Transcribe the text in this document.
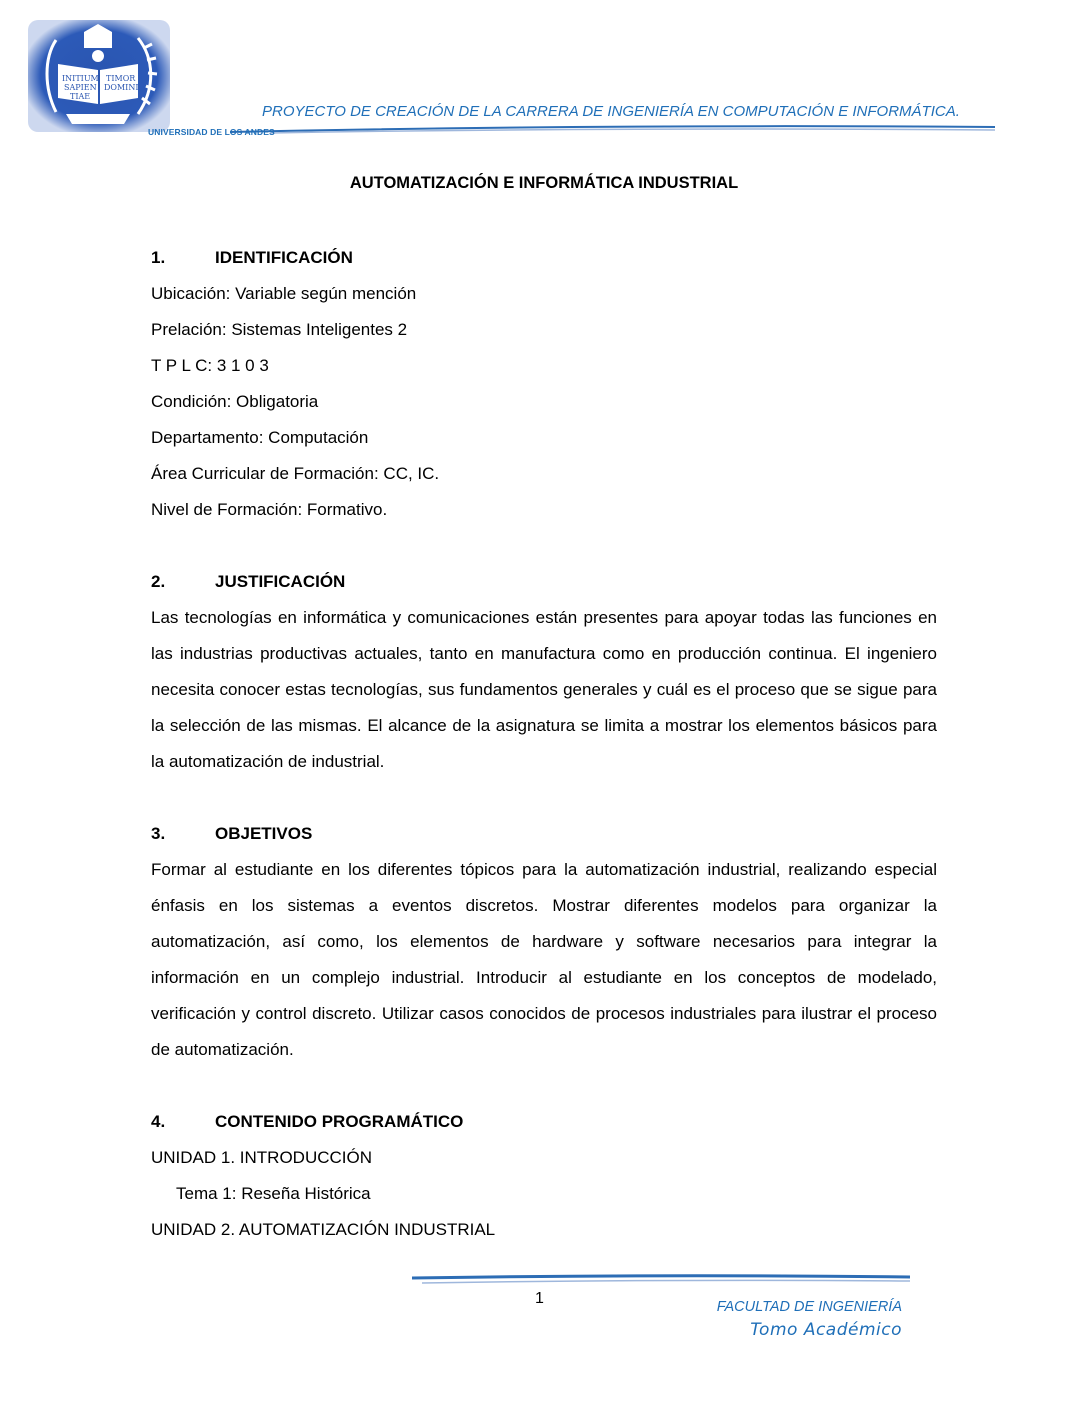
INITIUM
SAPIEN
TIAE
TIMOR
DOMINI
PROYECTO DE CREACIÓN DE LA CARRERA DE INGENIERÍA EN COMPUTACIÓN E INFORMÁTICA.
UNIVERSIDAD DE LOS ANDES

AUTOMATIZACIÓN E INFORMÁTICA INDUSTRIAL

1.	IDENTIFICACIÓN
Ubicación: Variable según mención
Prelación: Sistemas Inteligentes 2
T P L C: 3 1 0 3
Condición: Obligatoria
Departamento: Computación
Área Curricular de Formación: CC, IC.
Nivel de Formación: Formativo.
2.	JUSTIFICACIÓN

Las tecnologías en informática y comunicaciones están presentes para apoyar todas las funciones en las industrias productivas actuales, tanto en manufactura como en producción continua. El ingeniero necesita conocer estas tecnologías, sus fundamentos generales y cuál es el proceso que se sigue para la selección de las mismas. El alcance de la asignatura se limita a mostrar los elementos básicos para la automatización de industrial.

3.	OBJETIVOS

Formar al estudiante en los diferentes tópicos para la automatización industrial, realizando especial énfasis en los sistemas a eventos discretos. Mostrar diferentes modelos para organizar la automatización, así como, los elementos de hardware y software necesarios para integrar la información en un complejo industrial. Introducir al estudiante en los conceptos de modelado, verificación y control discreto. Utilizar casos conocidos de procesos industriales para ilustrar el proceso de automatización.

4.	CONTENIDO PROGRAMÁTICO
UNIDAD 1. INTRODUCCIÓN
Tema 1: Reseña Histórica
UNIDAD 2. AUTOMATIZACIÓN INDUSTRIAL
1	FACULTAD DE INGENIERÍA
Tomo Académico
